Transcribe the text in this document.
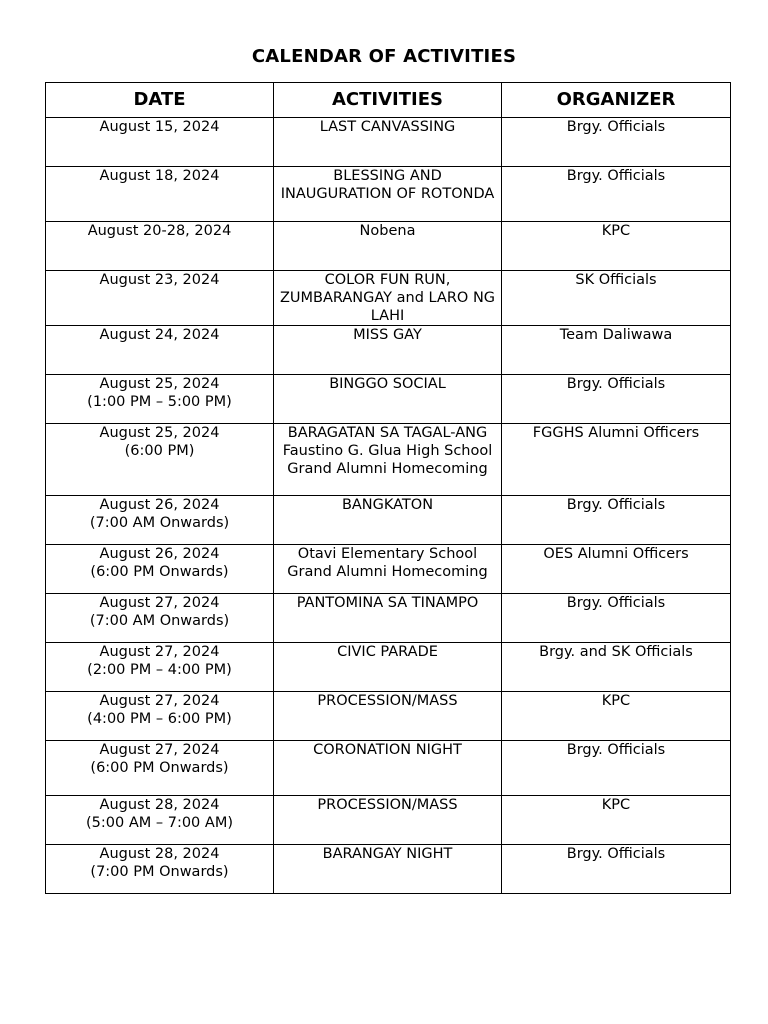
CALENDAR OF ACTIVITIES
DATE	ACTIVITIES	ORGANIZER

August 15, 2024	LAST CANVASSING	Brgy. Officials

August 18, 2024	BLESSING AND INAUGURATION OF ROTONDA	Brgy. Officials

August 20-28, 2024	Nobena	KPC

August 23, 2024	COLOR FUN RUN, ZUMBARANGAY and LARO NG LAHI	SK Officials

August 24, 2024	MISS GAY	Team Daliwawa

August 25, 2024
(1:00 PM – 5:00 PM)	BINGGO SOCIAL	Brgy. Officials

August 25, 2024
(6:00 PM)	BARAGATAN SA TAGAL-ANG Faustino G. Glua High School Grand Alumni Homecoming	FGGHS Alumni Officers

August 26, 2024
(7:00 AM Onwards)	BANGKATON	Brgy. Officials

August 26, 2024
(6:00 PM Onwards)	Otavi Elementary School Grand Alumni Homecoming	OES Alumni Officers

August 27, 2024
(7:00 AM Onwards)	PANTOMINA SA TINAMPO	Brgy. Officials

August 27, 2024
(2:00 PM – 4:00 PM)	CIVIC PARADE	Brgy. and SK Officials

August 27, 2024
(4:00 PM – 6:00 PM)	PROCESSION/MASS	KPC

August 27, 2024
(6:00 PM Onwards)	CORONATION NIGHT	Brgy. Officials

August 28, 2024
(5:00 AM – 7:00 AM)	PROCESSION/MASS	KPC

August 28, 2024
(7:00 PM Onwards)	BARANGAY NIGHT	Brgy. Officials
